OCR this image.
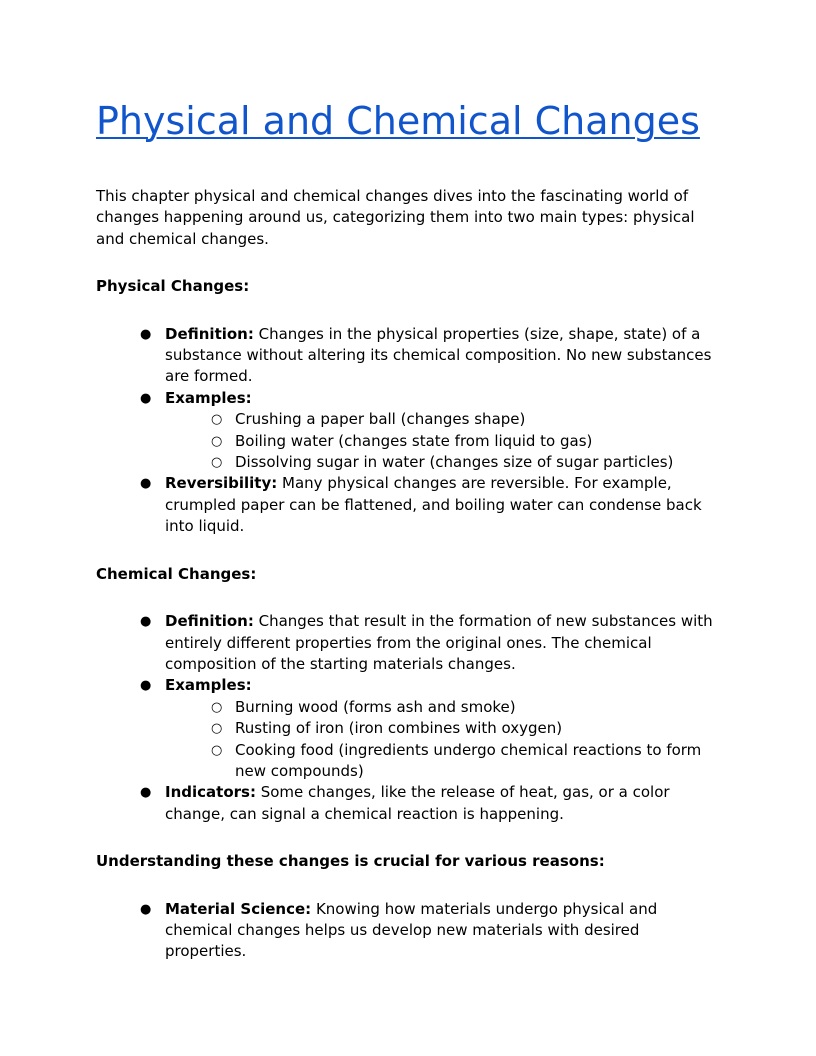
Physical and Chemical Changes

This chapter physical and chemical changes dives into the fascinating world of changes happening around us, categorizing them into two main types: physical and chemical changes.

Physical Changes:

● Definition: Changes in the physical properties (size, shape, state) of a substance without altering its chemical composition. No new substances are formed.
● Examples:
○ Crushing a paper ball (changes shape)
○ Boiling water (changes state from liquid to gas)
○ Dissolving sugar in water (changes size of sugar particles)
● Reversibility: Many physical changes are reversible. For example, crumpled paper can be flattened, and boiling water can condense back into liquid.

Chemical Changes:

● Definition: Changes that result in the formation of new substances with entirely different properties from the original ones. The chemical composition of the starting materials changes.
● Examples:
○ Burning wood (forms ash and smoke)
○ Rusting of iron (iron combines with oxygen)
○ Cooking food (ingredients undergo chemical reactions to form new compounds)
● Indicators: Some changes, like the release of heat, gas, or a color change, can signal a chemical reaction is happening.

Understanding these changes is crucial for various reasons:

● Material Science: Knowing how materials undergo physical and chemical changes helps us develop new materials with desired properties.
